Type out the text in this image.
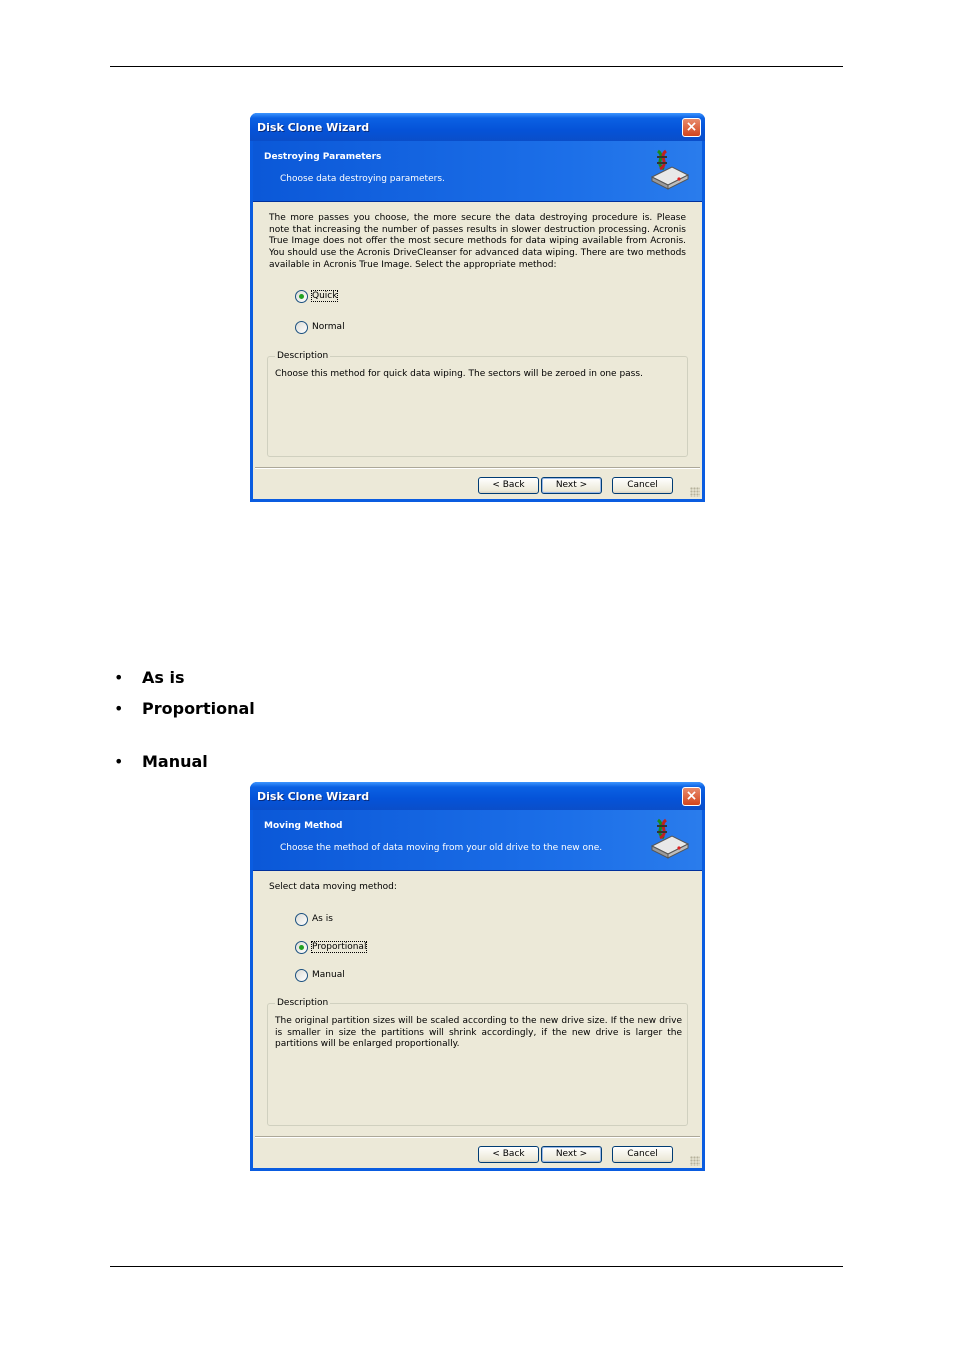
Disk Clone Wizard	×
Destroying Parameters
Choose data destroying parameters.
The more passes you choose, the more secure the data destroying procedure is. Please note that increasing the number of passes results in slower destruction processing. Acronis True Image does not offer the most secure methods for data wiping available from Acronis. You should use the Acronis DriveCleanser for advanced data wiping. There are two methods available in Acronis True Image. Select the appropriate method:
Quick
Normal
Description
Choose this method for quick data wiping. The sectors will be zeroed in one pass.
< Back	Next >	Cancel
• As is
• Proportional
• Manual
Disk Clone Wizard	×
Moving Method
Choose the method of data moving from your old drive to the new one.
Select data moving method:
As is
Proportional
Manual
Description
The original partition sizes will be scaled according to the new drive size. If the new drive is smaller in size the partitions will shrink accordingly, if the new drive is larger the partitions will be enlarged proportionally.
< Back	Next >	Cancel
